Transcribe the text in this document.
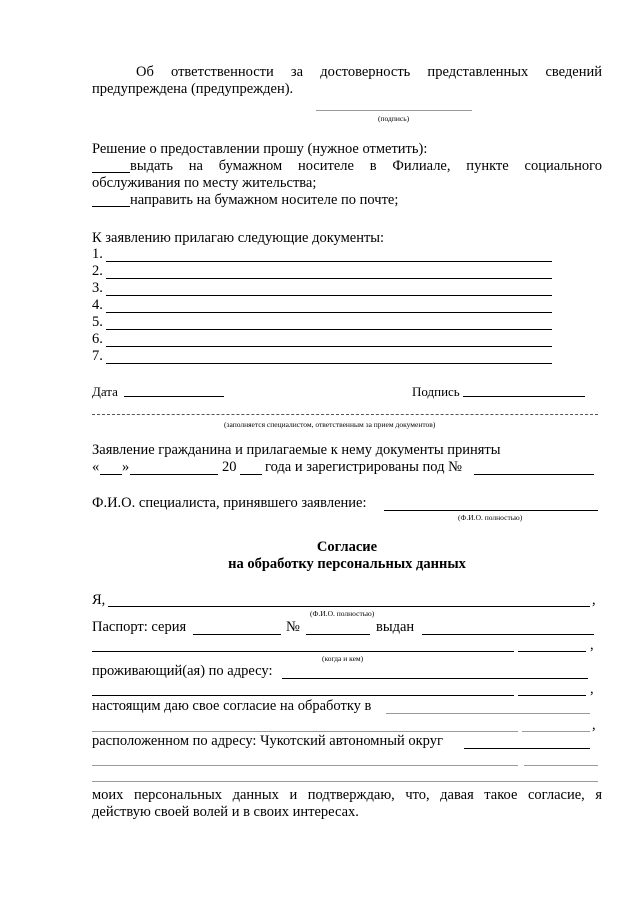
Об ответственности за достоверность представленных сведений
предупреждена (предупрежден).
(подпись)
Решение о предоставлении прошу (нужное отметить):
выдать на бумажном носителе в Филиале, пункте социального
обслуживания по месту жительства;
направить на бумажном носителе по почте;
К заявлению прилагаю следующие документы:
1.
2.
3.
4.
5.
6.
7.
Дата	Подпись
(заполняется специалистом, ответственным за прием документов)
Заявление гражданина и прилагаемые к нему документы приняты
« »	20 года и зарегистрированы под №
Ф.И.О. специалиста, принявшего заявление:
(Ф.И.О. полностью)
Согласие
на обработку персональных данных
Я,	,
(Ф.И.О. полностью)
Паспорт: серия	№	выдан
,
(когда и кем)
проживающий(ая) по адресу:
,
настоящим даю свое согласие на обработку в
,
расположенном по адресу: Чукотский автономный округ
моих персональных данных и подтверждаю, что, давая такое согласие, я
действую своей волей и в своих интересах.
